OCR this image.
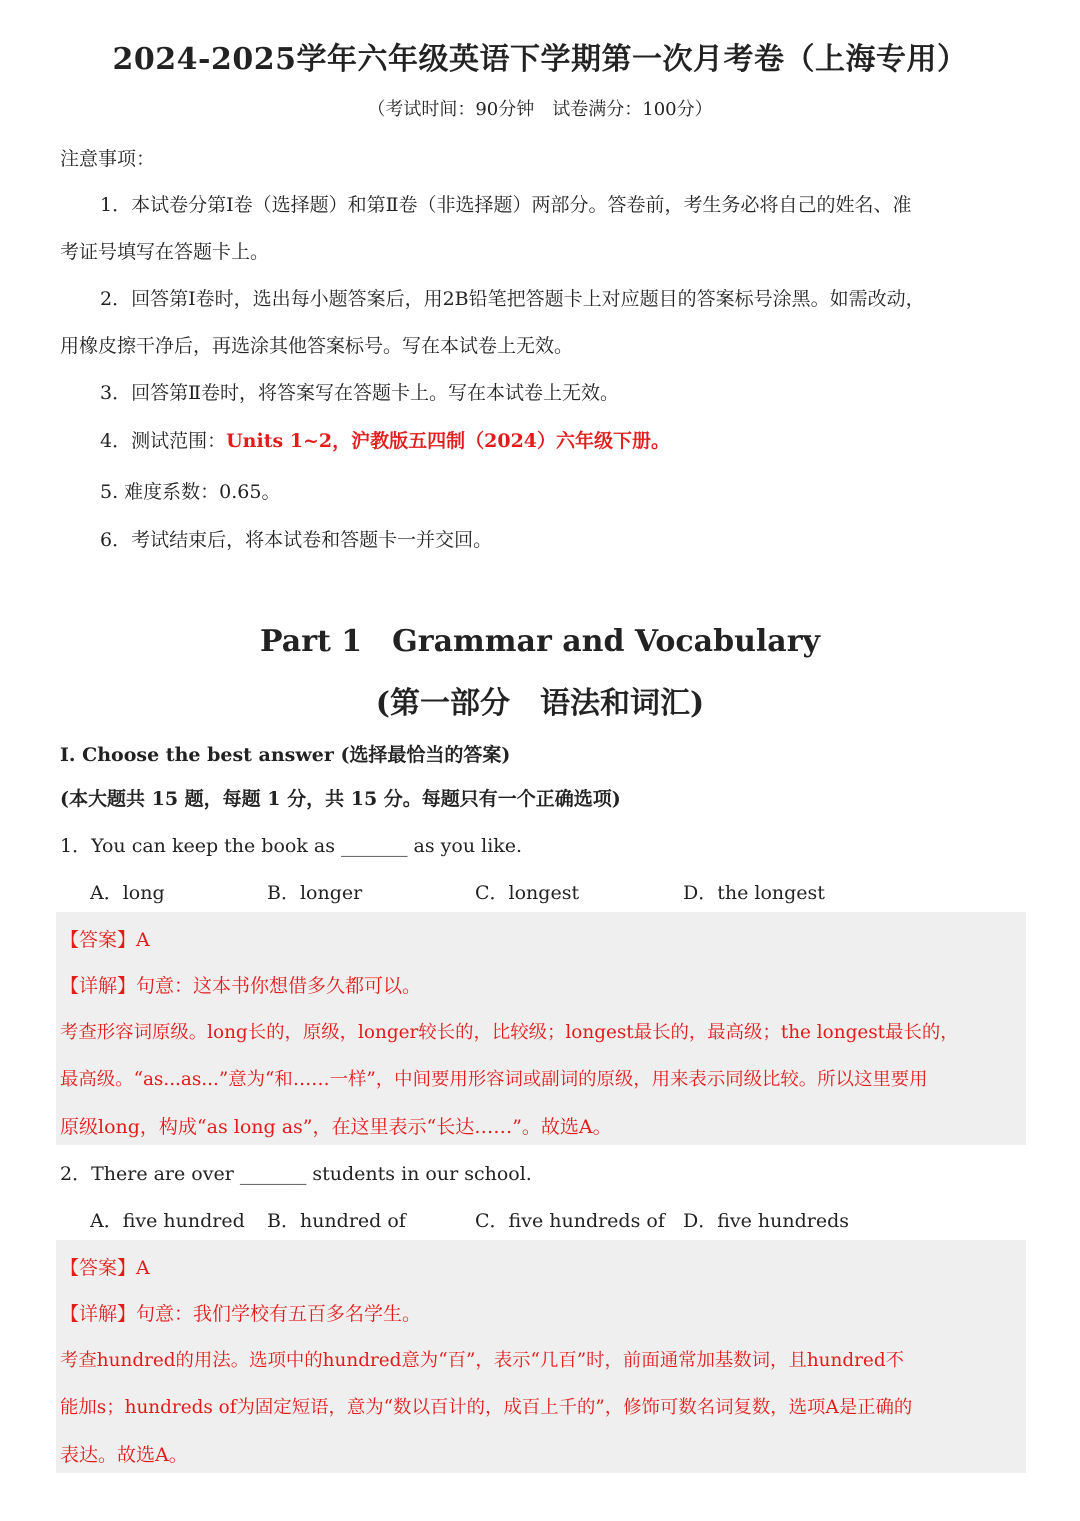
2024-2025学年六年级英语下学期第一次月考卷（上海专用）
（考试时间：90分钟　试卷满分：100分）
注意事项：
1．本试卷分第Ⅰ卷（选择题）和第Ⅱ卷（非选择题）两部分。答卷前，考生务必将自己的姓名、准
考证号填写在答题卡上。
2．回答第Ⅰ卷时，选出每小题答案后，用2B铅笔把答题卡上对应题目的答案标号涂黑。如需改动，
用橡皮擦干净后，再选涂其他答案标号。写在本试卷上无效。
3．回答第Ⅱ卷时，将答案写在答题卡上。写在本试卷上无效。
4．测试范围：Units 1~2，沪教版五四制（2024）六年级下册。
5. 难度系数：0.65。
6．考试结束后，将本试卷和答题卡一并交回。
Part 1　Grammar and Vocabulary
(第一部分　语法和词汇)
I. Choose the best answer (选择最恰当的答案)
(本大题共 15 题，每题 1 分，共 15 分。每题只有一个正确选项)
1．You can keep the book as _______ as you like.
A．long	B．longer	C．longest	D．the longest
【答案】A
【详解】句意：这本书你想借多久都可以。
考查形容词原级。long长的，原级，longer较长的，比较级；longest最长的，最高级；the longest最长的，
最高级。“as...as...”意为“和……一样”，中间要用形容词或副词的原级，用来表示同级比较。所以这里要用
原级long，构成“as long as”，在这里表示“长达……”。故选A。
2．There are over _______ students in our school.
A．five hundred B．hundred of	C．five hundreds of D．five hundreds
【答案】A
【详解】句意：我们学校有五百多名学生。
考查hundred的用法。选项中的hundred意为“百”，表示“几百”时，前面通常加基数词，且hundred不
能加s；hundreds of为固定短语，意为“数以百计的，成百上千的”，修饰可数名词复数，选项A是正确的
表达。故选A。
